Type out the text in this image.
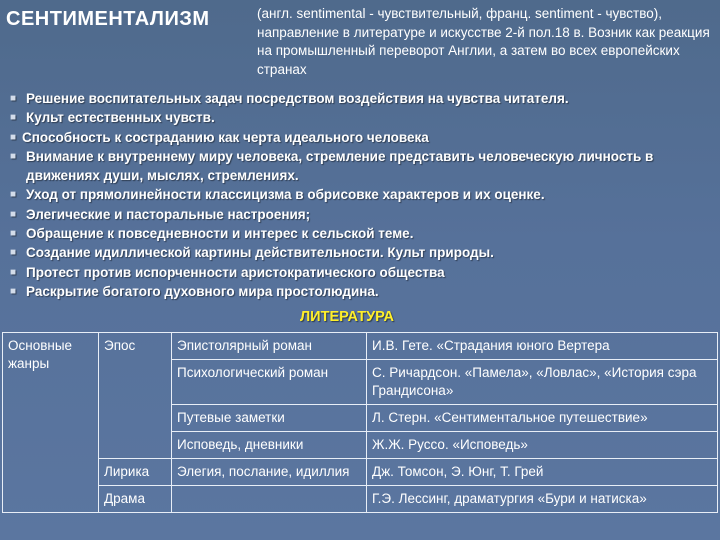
СЕНТИМЕНТАЛИЗМ	(англ. sentimental - чувствительный, франц. sentiment - чувство), направление в литературе и искусстве 2-й пол.18 в. Возник как реакция на промышленный переворот Англии, а затем во всех европейских странах
■ Решение воспитательных задач посредством воздействия на чувства читателя.
■ Культ естественных чувств.
■ Способность к состраданию как черта идеального человека
■ Внимание к внутреннему миру человека, стремление представить человеческую личность в движениях души, мыслях, стремлениях.
■ Уход от прямолинейности классицизма в обрисовке характеров и их оценке.
■ Элегические и пасторальные настроения;
■ Обращение к повседневности и интерес к сельской теме.
■ Создание идиллической картины действительности. Культ природы.
■ Протест против испорченности аристократического общества
■ Раскрытие богатого духовного мира простолюдина.
ЛИТЕРАТУРА
Основные жанры	Эпос	Эпистолярный роман	И.В. Гете. «Страдания юного Вертера
		Психологический роман	С. Ричардсон. «Памела», «Ловлас», «История сэра Грандисона»
		Путевые заметки	Л. Стерн. «Сентиментальное путешествие»
		Исповедь, дневники	Ж.Ж. Руссо. «Исповедь»
	Лирика	Элегия, послание, идиллия	Дж. Томсон, Э. Юнг, Т. Грей
	Драма		Г.Э. Лессинг, драматургия «Бури и натиска»
